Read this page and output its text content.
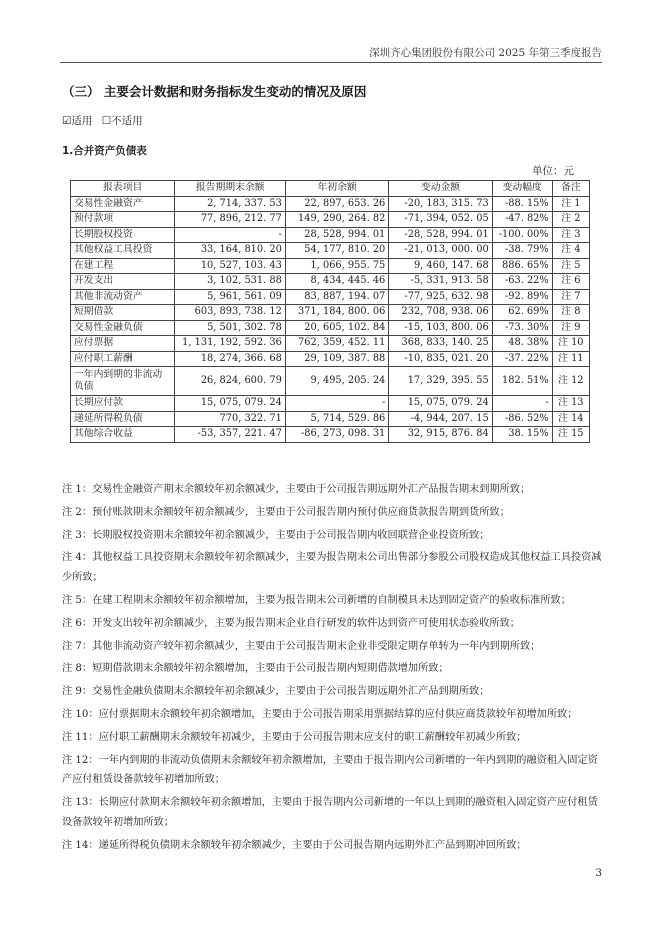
深圳齐心集团股份有限公司 2025 年第三季度报告
（三） 主要会计数据和财务指标发生变动的情况及原因
☑适用 ☐不适用
1.合并资产负债表
单位：元
报表项目	报告期期末余额	年初余额	变动金额	变动幅度	备注
交易性金融资产	2, 714, 337. 53	22, 897, 653. 26	-20, 183, 315. 73	-88. 15%	注 1
预付款项	77, 896, 212. 77	149, 290, 264. 82	-71, 394, 052. 05	-47. 82%	注 2
长期股权投资	-	28, 528, 994. 01	-28, 528, 994. 01	-100. 00%	注 3
其他权益工具投资	33, 164, 810. 20	54, 177, 810. 20	-21, 013, 000. 00	-38. 79%	注 4
在建工程	10, 527, 103. 43	1, 066, 955. 75	9, 460, 147. 68	886. 65%	注 5
开发支出	3, 102, 531. 88	8, 434, 445. 46	-5, 331, 913. 58	-63. 22%	注 6
其他非流动资产	5, 961, 561. 09	83, 887, 194. 07	-77, 925, 632. 98	-92. 89%	注 7
短期借款	603, 893, 738. 12	371, 184, 800. 06	232, 708, 938. 06	62. 69%	注 8
交易性金融负债	5, 501, 302. 78	20, 605, 102. 84	-15, 103, 800. 06	-73. 30%	注 9
应付票据	1, 131, 192, 592. 36	762, 359, 452. 11	368, 833, 140. 25	48. 38%	注 10
应付职工薪酬	18, 274, 366. 68	29, 109, 387. 88	-10, 835, 021. 20	-37. 22%	注 11
一年内到期的非流动负债	26, 824, 600. 79	9, 495, 205. 24	17, 329, 395. 55	182. 51%	注 12
长期应付款	15, 075, 079. 24	-	15, 075, 079. 24	-	注 13
递延所得税负债	770, 322. 71	5, 714, 529. 86	-4, 944, 207. 15	-86. 52%	注 14
其他综合收益	-53, 357, 221. 47	-86, 273, 098. 31	32, 915, 876. 84	38. 15%	注 15

注 1：交易性金融资产期末余额较年初余额减少，主要由于公司报告期远期外汇产品报告期末到期所致；

注 2：预付账款期末余额较年初余额减少，主要由于公司报告期内预付供应商货款报告期到货所致；

注 3：长期股权投资期末余额较年初余额减少，主要由于公司报告期内收回联营企业投资所致；

注 4：其他权益工具投资期末余额较年初余额减少，主要为报告期末公司出售部分参股公司股权造成其他权益工具投资减少所致；

注 5：在建工程期末余额较年初余额增加，主要为报告期末公司新增的自制模具未达到固定资产的验收标准所致；

注 6：开发支出较年初余额减少，主要为报告期末企业自行研发的软件达到资产可使用状态验收所致；

注 7：其他非流动资产较年初余额减少，主要由于公司报告期末企业非受限定期存单转为一年内到期所致；

注 8：短期借款期末余额较年初余额增加，主要由于公司报告期内短期借款增加所致；

注 9：交易性金融负债期末余额较年初余额减少，主要由于公司报告期远期外汇产品到期所致；

注 10：应付票据期末余额较年初余额增加，主要由于公司报告期采用票据结算的应付供应商货款较年初增加所致；

注 11：应付职工薪酬期末余额较年初减少，主要由于公司报告期末应支付的职工薪酬较年初减少所致；

注 12：一年内到期的非流动负债期末余额较年初余额增加，主要由于报告期内公司新增的一年内到期的融资租入固定资产应付租赁设备款较年初增加所致；

注 13：长期应付款期末余额较年初余额增加，主要由于报告期内公司新增的一年以上到期的融资租入固定资产应付租赁设备款较年初增加所致；

注 14：递延所得税负债期末余额较年初余额减少，主要由于公司报告期内远期外汇产品到期冲回所致；

3
